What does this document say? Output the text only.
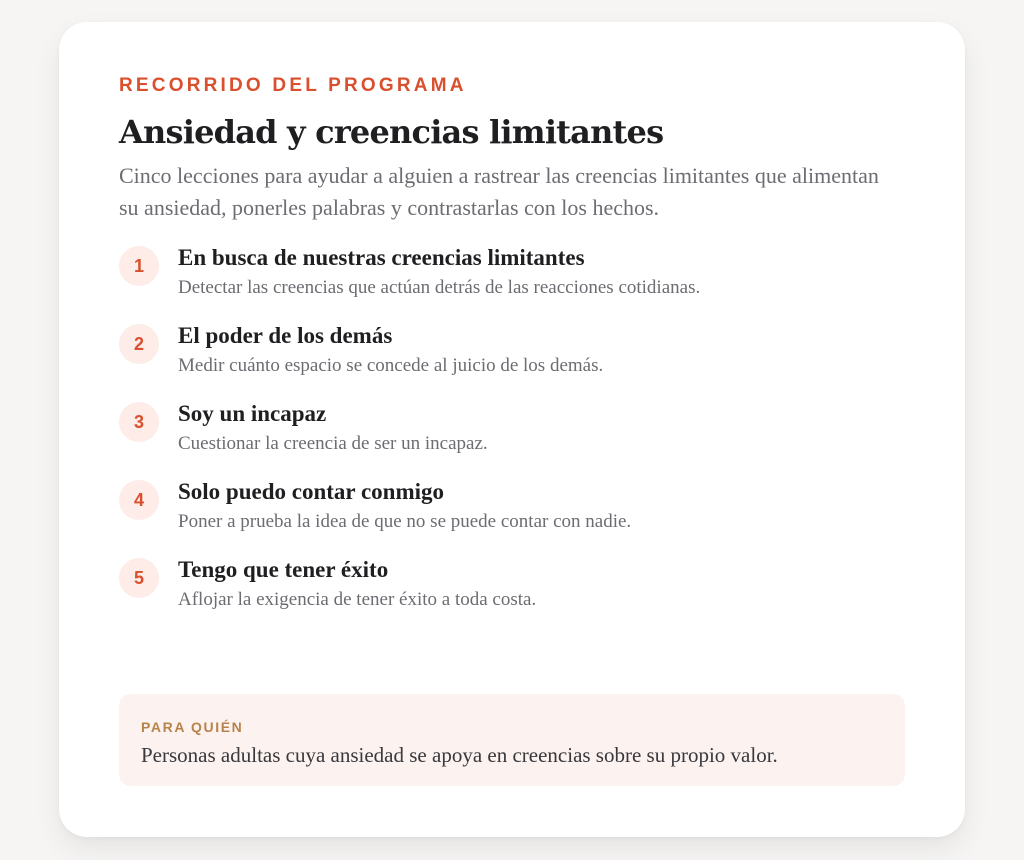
RECORRIDO DEL PROGRAMA
Ansiedad y creencias limitantes
Cinco lecciones para ayudar a alguien a rastrear las creencias limitantes que alimentan su ansiedad, ponerles palabras y contrastarlas con los hechos.
1	En busca de nuestras creencias limitantes
Detectar las creencias que actúan detrás de las reacciones cotidianas.
2	El poder de los demás
Medir cuánto espacio se concede al juicio de los demás.
3	Soy un incapaz
Cuestionar la creencia de ser un incapaz.
4	Solo puedo contar conmigo
Poner a prueba la idea de que no se puede contar con nadie.
5	Tengo que tener éxito
Aflojar la exigencia de tener éxito a toda costa.
PARA QUIÉN
Personas adultas cuya ansiedad se apoya en creencias sobre su propio valor.
